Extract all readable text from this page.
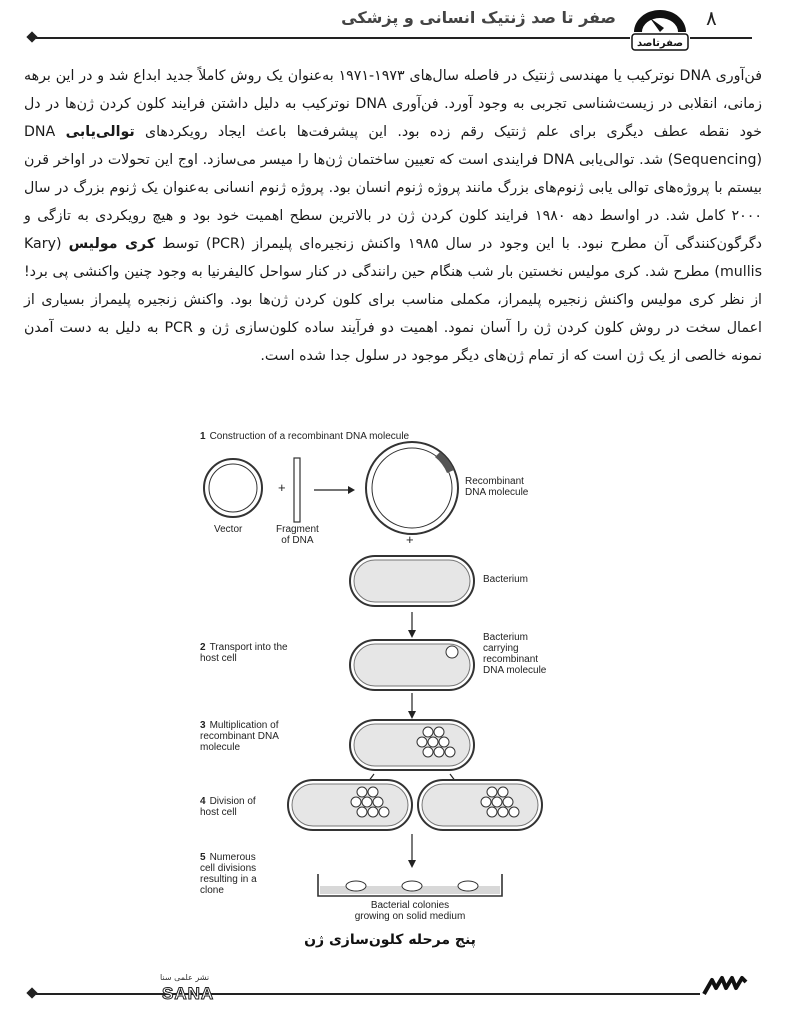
صفر تا صد ژنتیک انسانی و پزشکی	۸
صفرتاصد

فن‌آوری DNA نوترکیب یا مهندسی ژنتیک در فاصله سال‌های ۱۹۷۳-۱۹۷۱ به‌عنوان یک روش کاملاً جدید ابداع شد و در این برهه زمانی، انقلابی در زیست‌شناسی تجربی به وجود آورد. فن‌آوری DNA نوترکیب به دلیل داشتن فرایند کلون کردن ژن‌ها در دل خود نقطه عطف دیگری برای علم ژنتیک رقم زده بود. این پیشرفت‌ها باعث ایجاد رویکردهای توالی‌یابی DNA (Sequencing) شد. توالی‌یابی DNA فرایندی است که تعیین ساختمان ژن‌ها را میسر می‌سازد. اوج این تحولات در اواخر قرن بیستم با پروژه‌های توالی یابی ژنوم‌های بزرگ مانند پروژه ژنوم انسان بود. پروژه ژنوم انسانی به‌عنوان یک ژنوم بزرگ در سال ۲۰۰۰ کامل شد. در اواسط دهه ۱۹۸۰ فرایند کلون کردن ژن در بالاترین سطح اهمیت خود بود و هیچ رویکردی به تازگی و دگرگون‌کنندگی آن مطرح نبود. با این وجود در سال ۱۹۸۵ واکنش زنجیره‌ای پلیمراز (PCR) توسط کری مولیس (Kary mullis) مطرح شد. کری مولیس نخستین بار شب هنگام حین رانندگی در کنار سواحل کالیفرنیا به وجود چنین واکنشی پی برد! از نظر کری مولیس واکنش زنجیره پلیمراز، مکملی مناسب برای کلون کردن ژن‌ها بود. واکنش زنجیره پلیمراز بسیاری از اعمال سخت در روش کلون کردن ژن را آسان نمود. اهمیت دو فرآیند ساده کلون‌سازی ژن و PCR به دلیل به دست آمدن نمونه خالصی از یک ژن است که از تمام ژن‌های دیگر موجود در سلول جدا شده است.

1 Construction of a recombinant DNA molecule
Vector	Fragment
of DNA
+	Recombinant
DNA molecule
+
Bacterium
2 Transport into the
host cell
Bacterium
carrying
recombinant
DNA molecule
3 Multiplication of
recombinant DNA
molecule
4 Division of
host cell
5 Numerous
cell divisions
resulting in a
clone
Bacterial colonies
growing on solid medium
پنج مرحله کلون‌سازی ژن
نشر علمی سنا
SANA
